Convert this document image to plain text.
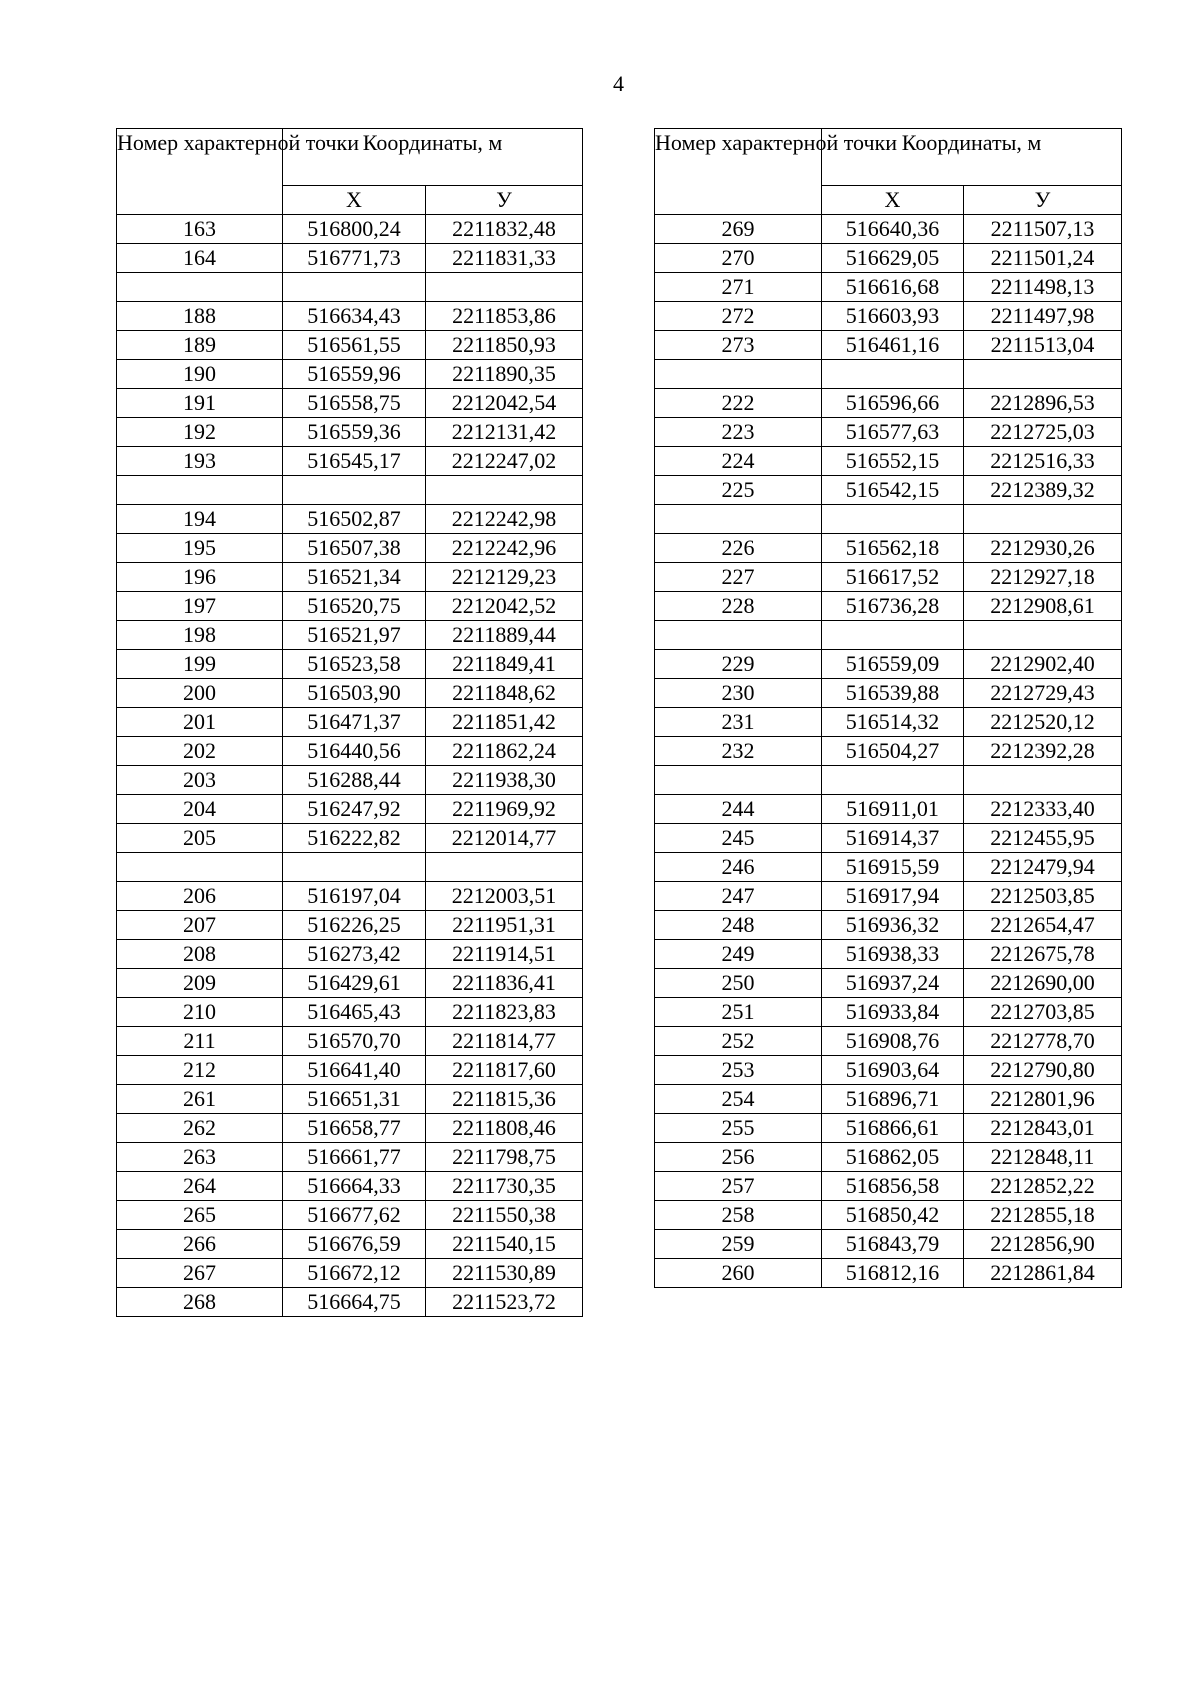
4
Номер характерной точки	Координаты, м	
	Х	У
163	516800,24	2211832,48
164	516771,73	2211831,33

188	516634,43	2211853,86
189	516561,55	2211850,93
190	516559,96	2211890,35
191	516558,75	2212042,54
192	516559,36	2212131,42
193	516545,17	2212247,02

194	516502,87	2212242,98
195	516507,38	2212242,96
196	516521,34	2212129,23
197	516520,75	2212042,52
198	516521,97	2211889,44
199	516523,58	2211849,41
200	516503,90	2211848,62
201	516471,37	2211851,42
202	516440,56	2211862,24
203	516288,44	2211938,30
204	516247,92	2211969,92
205	516222,82	2212014,77

206	516197,04	2212003,51
207	516226,25	2211951,31
208	516273,42	2211914,51
209	516429,61	2211836,41
210	516465,43	2211823,83
211	516570,70	2211814,77
212	516641,40	2211817,60
261	516651,31	2211815,36
262	516658,77	2211808,46
263	516661,77	2211798,75
264	516664,33	2211730,35
265	516677,62	2211550,38
266	516676,59	2211540,15
267	516672,12	2211530,89
268	516664,75	2211523,72
Номер характерной точки	Координаты, м	
	Х	У
269	516640,36	2211507,13
270	516629,05	2211501,24
271	516616,68	2211498,13
272	516603,93	2211497,98
273	516461,16	2211513,04

222	516596,66	2212896,53
223	516577,63	2212725,03
224	516552,15	2212516,33
225	516542,15	2212389,32

226	516562,18	2212930,26
227	516617,52	2212927,18
228	516736,28	2212908,61

229	516559,09	2212902,40
230	516539,88	2212729,43
231	516514,32	2212520,12
232	516504,27	2212392,28

244	516911,01	2212333,40
245	516914,37	2212455,95
246	516915,59	2212479,94
247	516917,94	2212503,85
248	516936,32	2212654,47
249	516938,33	2212675,78
250	516937,24	2212690,00
251	516933,84	2212703,85
252	516908,76	2212778,70
253	516903,64	2212790,80
254	516896,71	2212801,96
255	516866,61	2212843,01
256	516862,05	2212848,11
257	516856,58	2212852,22
258	516850,42	2212855,18
259	516843,79	2212856,90
260	516812,16	2212861,84
